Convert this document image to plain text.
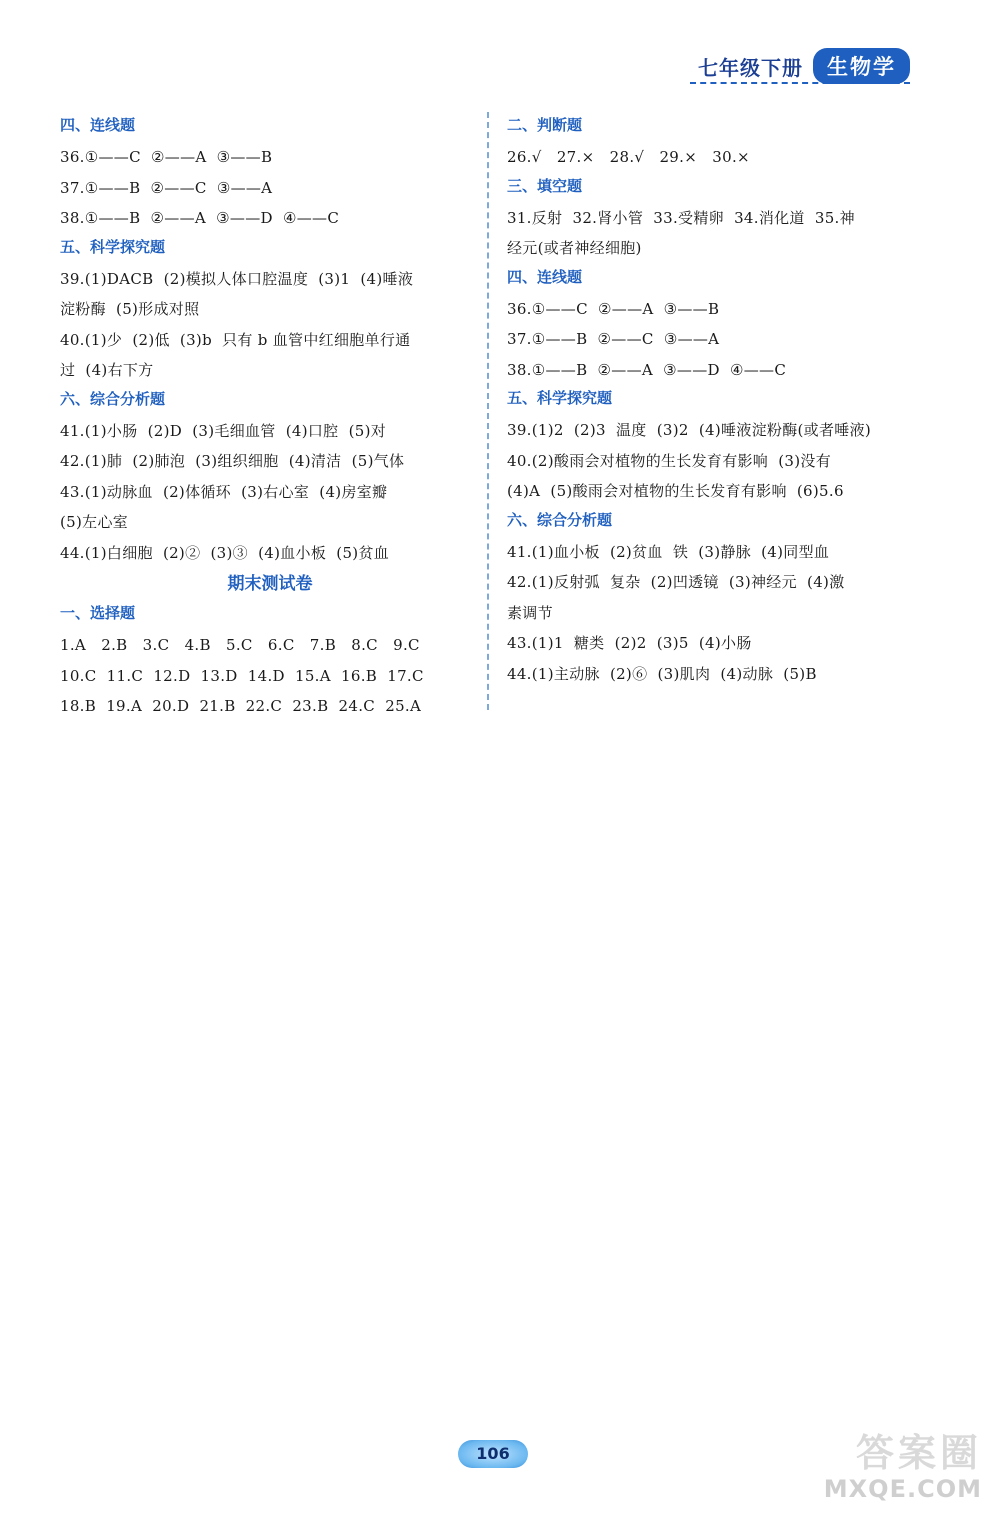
七年级下册	生物学
四、连线题
36.①——C  ②——A  ③——B
37.①——B  ②——C  ③——A
38.①——B  ②——A  ③——D  ④——C
五、科学探究题
39.(1)DACB  (2)模拟人体口腔温度  (3)1  (4)唾液
淀粉酶  (5)形成对照
40.(1)少  (2)低  (3)b  只有 b 血管中红细胞单行通
过  (4)右下方
六、综合分析题
41.(1)小肠  (2)D  (3)毛细血管  (4)口腔  (5)对
42.(1)肺  (2)肺泡  (3)组织细胞  (4)清洁  (5)气体
43.(1)动脉血  (2)体循环  (3)右心室  (4)房室瓣
(5)左心室
44.(1)白细胞  (2)②  (3)③  (4)血小板  (5)贫血
期末测试卷
一、选择题
1.A   2.B   3.C   4.B   5.C   6.C   7.B   8.C   9.C
10.C  11.C  12.D  13.D  14.D  15.A  16.B  17.C
18.B  19.A  20.D  21.B  22.C  23.B  24.C  25.A
二、判断题
26.√   27.×   28.√   29.×   30.×
三、填空题
31.反射  32.肾小管  33.受精卵  34.消化道  35.神
经元(或者神经细胞)
四、连线题
36.①——C  ②——A  ③——B
37.①——B  ②——C  ③——A
38.①——B  ②——A  ③——D  ④——C
五、科学探究题
39.(1)2  (2)3  温度  (3)2  (4)唾液淀粉酶(或者唾液)
40.(2)酸雨会对植物的生长发育有影响  (3)没有
(4)A  (5)酸雨会对植物的生长发育有影响  (6)5.6
六、综合分析题
41.(1)血小板  (2)贫血  铁  (3)静脉  (4)同型血
42.(1)反射弧  复杂  (2)凹透镜  (3)神经元  (4)激
素调节
43.(1)1  糖类  (2)2  (3)5  (4)小肠
44.(1)主动脉  (2)⑥  (3)肌肉  (4)动脉  (5)B
106	答案圈
MXQE.COM
